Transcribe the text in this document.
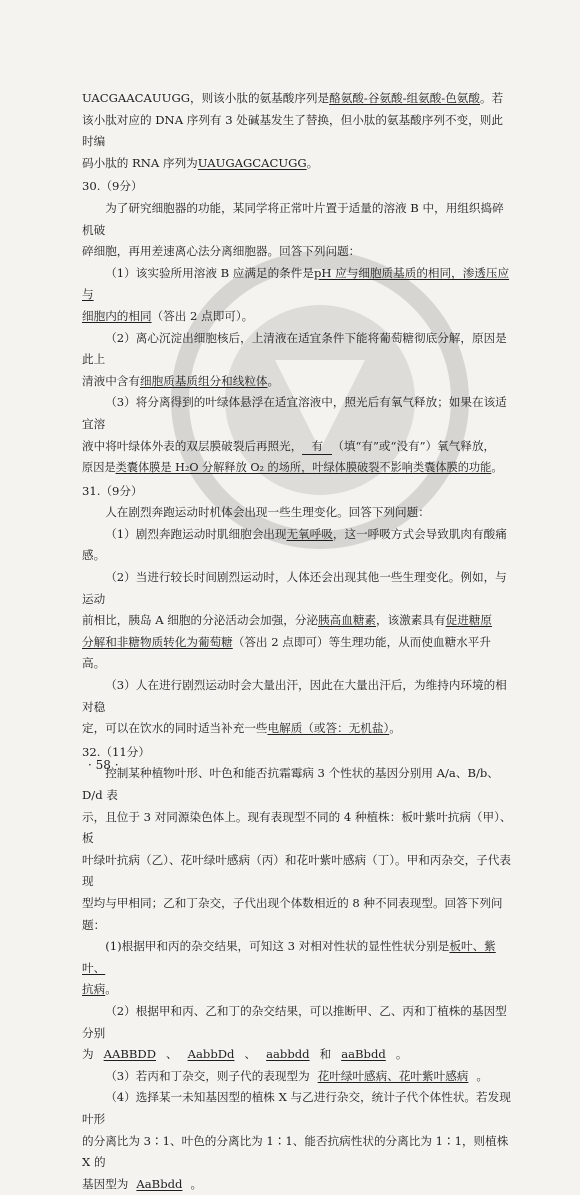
UACGAACAUUGG，则该小肽的氨基酸序列是酪氨酸-谷氨酸-组氨酸-色氨酸。若

该小肽对应的 DNA 序列有 3 处碱基发生了替换，但小肽的氨基酸序列不变，则此时编

码小肽的 RNA 序列为UAUGAGCACUGG。

30.（9分）

为了研究细胞器的功能，某同学将正常叶片置于适量的溶液 B 中，用组织捣碎机破

碎细胞，再用差速离心法分离细胞器。回答下列问题：

（1）该实验所用溶液 B 应满足的条件是pH 应与细胞质基质的相同，渗透压应与

细胞内的相同（答出 2 点即可）。

（2）离心沉淀出细胞核后，上清液在适宜条件下能将葡萄糖彻底分解，原因是此上

清液中含有细胞质基质组分和线粒体。

（3）将分离得到的叶绿体悬浮在适宜溶液中，照光后有氧气释放；如果在该适宜溶

液中将叶绿体外表的双层膜破裂后再照光， 有 （填“有”或“没有”）氧气释放，

原因是类囊体膜是 H₂O 分解释放 O₂ 的场所，叶绿体膜破裂不影响类囊体膜的功能。

31.（9分）

人在剧烈奔跑运动时机体会出现一些生理变化。回答下列问题：

（1）剧烈奔跑运动时肌细胞会出现无氧呼吸，这一呼吸方式会导致肌肉有酸痛感。

（2）当进行较长时间剧烈运动时，人体还会出现其他一些生理变化。例如，与运动

前相比，胰岛 A 细胞的分泌活动会加强，分泌胰高血糖素，该激素具有促进糖原

分解和非糖物质转化为葡萄糖（答出 2 点即可）等生理功能，从而使血糖水平升高。

（3）人在进行剧烈运动时会大量出汗，因此在大量出汗后，为维持内环境的相对稳

定，可以在饮水的同时适当补充一些电解质（或答：无机盐）。

32.（11分）

控制某种植物叶形、叶色和能否抗霜霉病 3 个性状的基因分别用 A/a、B/b、D/d 表

示，且位于 3 对同源染色体上。现有表现型不同的 4 种植株：板叶紫叶抗病（甲）、板

叶绿叶抗病（乙）、花叶绿叶感病（丙）和花叶紫叶感病（丁）。甲和丙杂交，子代表现

型均与甲相同；乙和丁杂交，子代出现个体数相近的 8 种不同表现型。回答下列问题：

(1)根据甲和丙的杂交结果，可知这 3 对相对性状的显性性状分别是板叶、紫叶、

抗病。

（2）根据甲和丙、乙和丁的杂交结果，可以推断甲、乙、丙和丁植株的基因型分别

为 AABBDD 、 AabbDd 、 aabbdd 和 aaBbdd 。

（3）若丙和丁杂交，则子代的表现型为 花叶绿叶感病、花叶紫叶感病 。

（4）选择某一未知基因型的植株 X 与乙进行杂交，统计子代个体性状。若发现叶形

的分离比为 3∶1、叶色的分离比为 1∶1、能否抗病性状的分离比为 1∶1，则植株 X 的

基因型为 AaBbdd 。

· 58 ·
